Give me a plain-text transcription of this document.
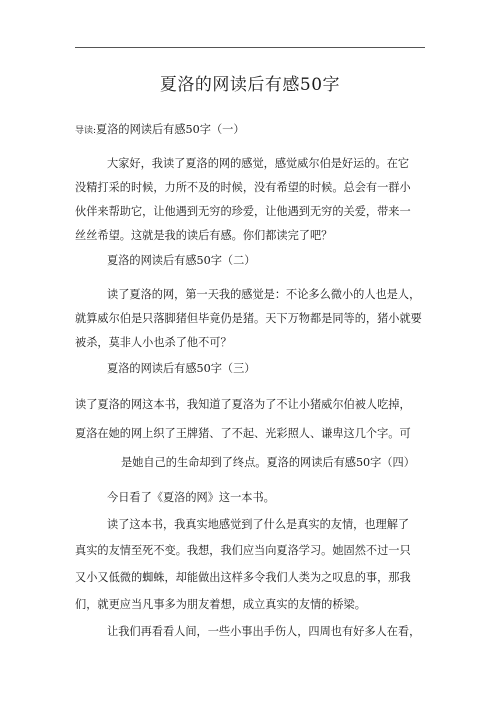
夏洛的网读后有感50字
导读:夏洛的网读后有感50字（一）
大家好，我读了夏洛的网的感觉，感觉威尔伯是好运的。在它
没精打采的时候，力所不及的时候，没有希望的时候。总会有一群小
伙伴来帮助它，让他遇到无穷的珍爱，让他遇到无穷的关爱，带来一
丝丝希望。这就是我的读后有感。你们都读完了吧？
夏洛的网读后有感50字（二）
读了夏洛的网，第一天我的感觉是：不论多么微小的人也是人，
就算威尔伯是只落脚猪但毕竟仍是猪。天下万物都是同等的，猪小就要
被杀，莫非人小也杀了他不可？
夏洛的网读后有感50字（三）
读了夏洛的网这本书，我知道了夏洛为了不让小猪威尔伯被人吃掉，
夏洛在她的网上织了王牌猪、了不起、光彩照人、谦卑这几个字。可
是她自己的生命却到了终点。夏洛的网读后有感50字（四）
今日看了《夏洛的网》这一本书。
读了这本书，我真实地感觉到了什么是真实的友情，也理解了
真实的友情至死不变。我想，我们应当向夏洛学习。她固然不过一只
又小又低微的蜘蛛，却能做出这样多令我们人类为之叹息的事，那我
们，就更应当凡事多为朋友着想，成立真实的友情的桥梁。
让我们再看看人间，一些小事出手伤人，四周也有好多人在看，
